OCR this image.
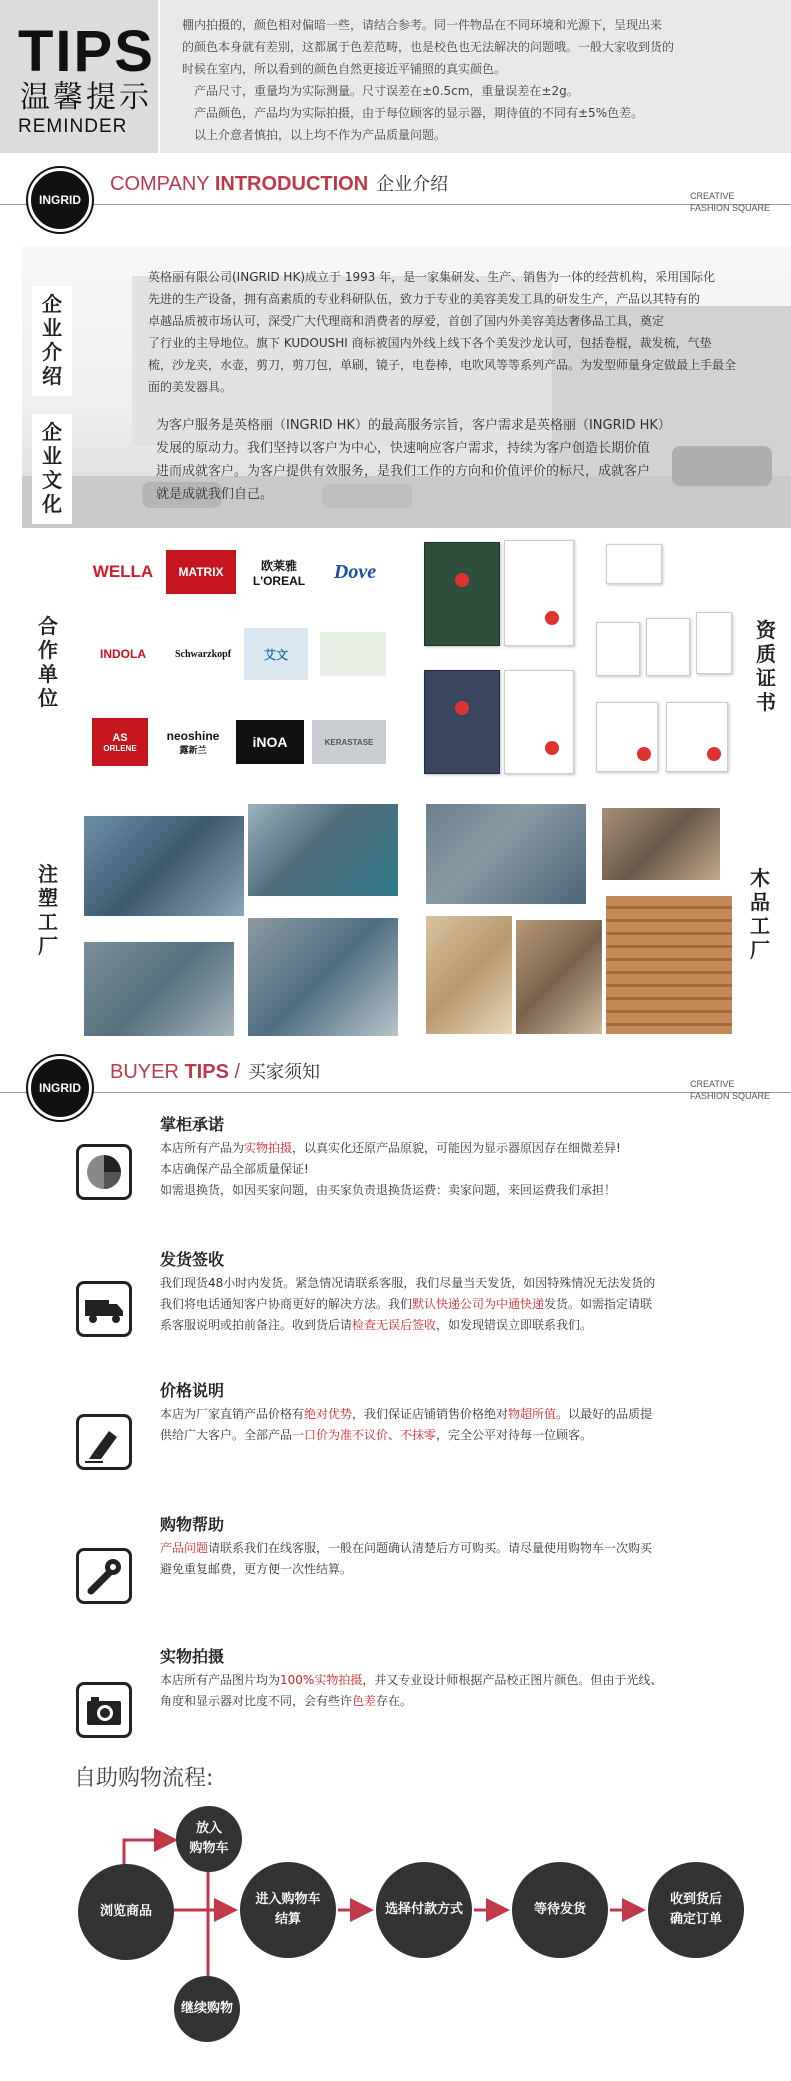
TIPS
温馨提示
REMINDER

棚内拍摄的，颜色相对偏暗一些，请结合参考。同一件物品在不同环境和光源下，呈现出来

的颜色本身就有差别，这都属于色差范畴，也是校色也无法解决的问题哦。一般大家收到货的

时候在室内，所以看到的颜色自然更接近平铺照的真实颜色。

　产品尺寸，重量均为实际测量。尺寸误差在±0.5cm，重量误差在±2g。

　产品颜色，产品均为实际拍摄，由于每位顾客的显示器，期待值的不同有±5%色差。

　以上介意者慎拍，以上均不作为产品质量问题。

INGRID
COMPANY INTRODUCTION 企业介绍
CREATIVE
FASHION SQUARE
企
业
介
绍
企
业
文
化
英格丽有限公司(INGRID HK)成立于 1993 年，是一家集研发、生产、销售为一体的经营机构，采用国际化
先进的生产设备，拥有高素质的专业科研队伍，致力于专业的美容美发工具的研发生产，产品以其特有的
卓越品质被市场认可，深受广大代理商和消费者的厚爱，首创了国内外美容美达奢侈品工具，奠定
了行业的主导地位。旗下 KUDOUSHI 商标被国内外线上线下各个美发沙龙认可，包括卷棍，裁发梳，气垫
梳，沙龙夹，水壶，剪刀，剪刀包，单刷，镜子，电卷棒，电吹风等等系列产品。为发型师量身定做最上手最全
面的美发器具。
为客户服务是英格丽（INGRID HK）的最高服务宗旨，客户需求是英格丽（INGRID HK）
发展的原动力。我们坚持以客户为中心，快速响应客户需求，持续为客户创造长期价值
进而成就客户。为客户提供有效服务，是我们工作的方向和价值评价的标尺，成就客户
就是成就我们自己。
合
作
单
位
WELLA MATRIX	欧莱雅
L'OREAL Dove
INDOLA	Schwarzkopf	艾文
AS
ORLENE
neoshine
露新兰	iNOA	KERASTASE
资
质
证
书
注
塑
工
厂
木
品
工
厂
INGRID
BUYER TIPS / 买家须知
CREATIVE
FASHION SQUARE
掌柜承诺
本店所有产品为实物拍摄，以真实化还原产品原貌，可能因为显示器原因存在细微差异!
本店确保产品全部质量保证!
如需退换货，如因买家问题，由买家负责退换货运费：卖家问题，来回运费我们承担！
发货签收
我们现货48小时内发货。紧急情况请联系客服，我们尽量当天发货，如因特殊情况无法发货的
我们将电话通知客户协商更好的解决方法。我们默认快递公司为中通快递发货。如需指定请联
系客服说明或拍前备注。收到货后请检查无误后签收，如发现错误立即联系我们。
价格说明
本店为厂家直销产品价格有绝对优势，我们保证店铺销售价格绝对物超所值。以最好的品质提
供给广大客户。全部产品一口价为准不议价、不抹零，完全公平对待每一位顾客。
购物帮助
产品问题请联系我们在线客服，一般在问题确认清楚后方可购买。请尽量使用购物车一次购买
避免重复邮费，更方便一次性结算。
实物拍摄
本店所有产品图片均为100%实物拍摄，并又专业设计师根据产品校正图片颜色。但由于光线、
角度和显示器对比度不同，会有些许色差存在。
自助购物流程:
浏览商品
放入
购物车
进入购物车
结算
选择付款方式	等待发货
收到货后
确定订单
继续购物
